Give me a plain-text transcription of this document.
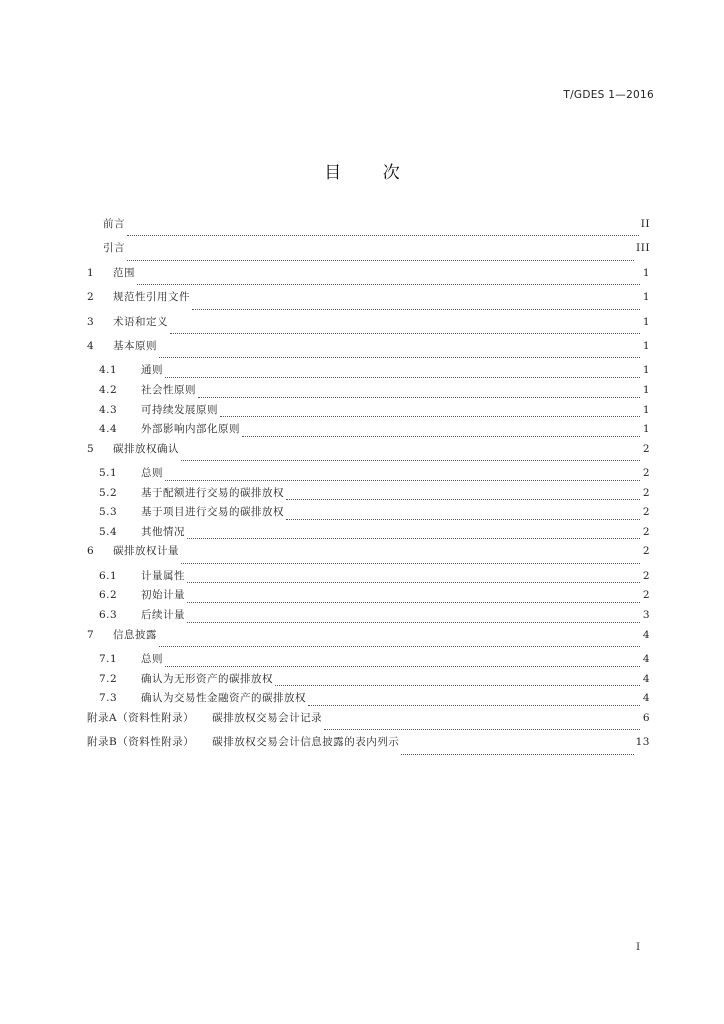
T/GDES 1—2016
目 次
前言	II
引言	III
1	范围	1
2	规范性引用文件	1
3	术语和定义	1
4	基本原则	1
4.1	通则	1
4.2	社会性原则	1
4.3	可持续发展原则	1
4.4	外部影响内部化原则	1
5	碳排放权确认	2
5.1	总则	2
5.2	基于配额进行交易的碳排放权	2
5.3	基于项目进行交易的碳排放权	2
5.4	其他情况	2
6	碳排放权计量	2
6.1	计量属性	2
6.2	初始计量	2
6.3	后续计量	3
7	信息披露	4
7.1	总则	4
7.2	确认为无形资产的碳排放权	4
7.3	确认为交易性金融资产的碳排放权	4
附录A（资料性附录） 碳排放权交易会计记录	6
附录B（资料性附录） 碳排放权交易会计信息披露的表内列示	13
I
